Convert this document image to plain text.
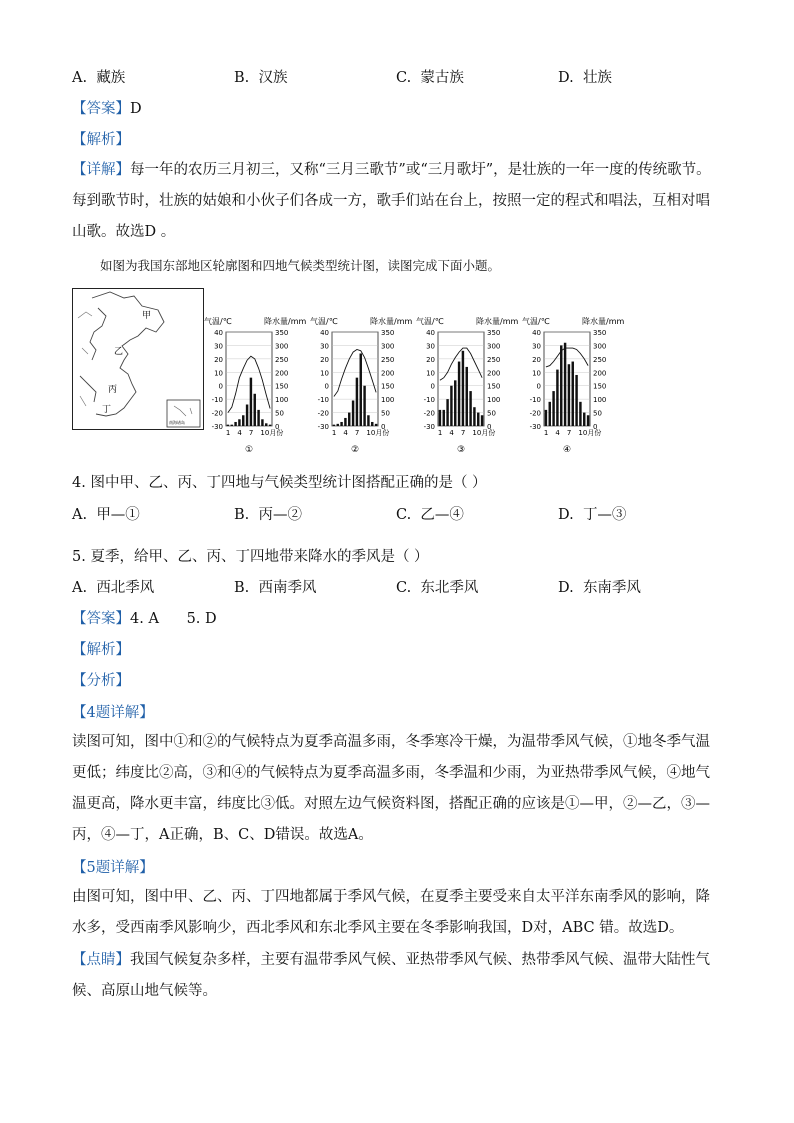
A. 藏族	B. 汉族	C. 蒙古族	D. 壮族
【答案】D
【解析】
【详解】每一年的农历三月初三，又称“三月三歌节”或“三月歌圩”，是壮族的一年一度的传统歌节。每到歌节时，壮族的姑娘和小伙子们各成一方，歌手们站在台上，按照一定的程式和唱法，互相对唱山歌。故选D 。
如图为我国东部地区轮廓图和四地气候类型统计图，读图完成下面小题。
甲
乙
丙
丁
南海诸岛
气温/℃	降水量/mm
40
30
20
10
0
-10
-20
-30
350
300
250
200
150
100
50
0
1 4 7 10月份
①
气温/℃	降水量/mm
40
30
20
10
0
-10
-20
-30
350
300
250
200
150
100
50
0
1 4 7 10月份
②
气温/℃	降水量/mm
40
30
20
10
0
-10
-20
-30
350
300
250
200
150
100
50
0
1 4 7 10月份
③
气温/℃	降水量/mm
40
30
20
10
0
-10
-20
-30
350
300
250
200
150
100
50
0
1 4 7 10月份
④
4. 图中甲、乙、丙、丁四地与气候类型统计图搭配正确的是（ ）
A. 甲—①	B. 丙—②	C. 乙—④	D. 丁—③
5. 夏季，给甲、乙、丙、丁四地带来降水的季风是（ ）
A. 西北季风	B. 西南季风	C. 东北季风	D. 东南季风
【答案】4. A 5. D
【解析】
【分析】
【4题详解】
读图可知，图中①和②的气候特点为夏季高温多雨，冬季寒冷干燥，为温带季风气候，①地冬季气温更低；纬度比②高，③和④的气候特点为夏季高温多雨，冬季温和少雨，为亚热带季风气候，④地气温更高，降水更丰富，纬度比③低。对照左边气候资料图，搭配正确的应该是①—甲，②—乙，③—丙，④—丁，A正确，B、C、D错误。故选A。
【5题详解】
由图可知，图中甲、乙、丙、丁四地都属于季风气候，在夏季主要受来自太平洋东南季风的影响，降水多，受西南季风影响少，西北季风和东北季风主要在冬季影响我国，D对，ABC 错。故选D。
【点睛】我国气候复杂多样，主要有温带季风气候、亚热带季风气候、热带季风气候、温带大陆性气候、高原山地气候等。
